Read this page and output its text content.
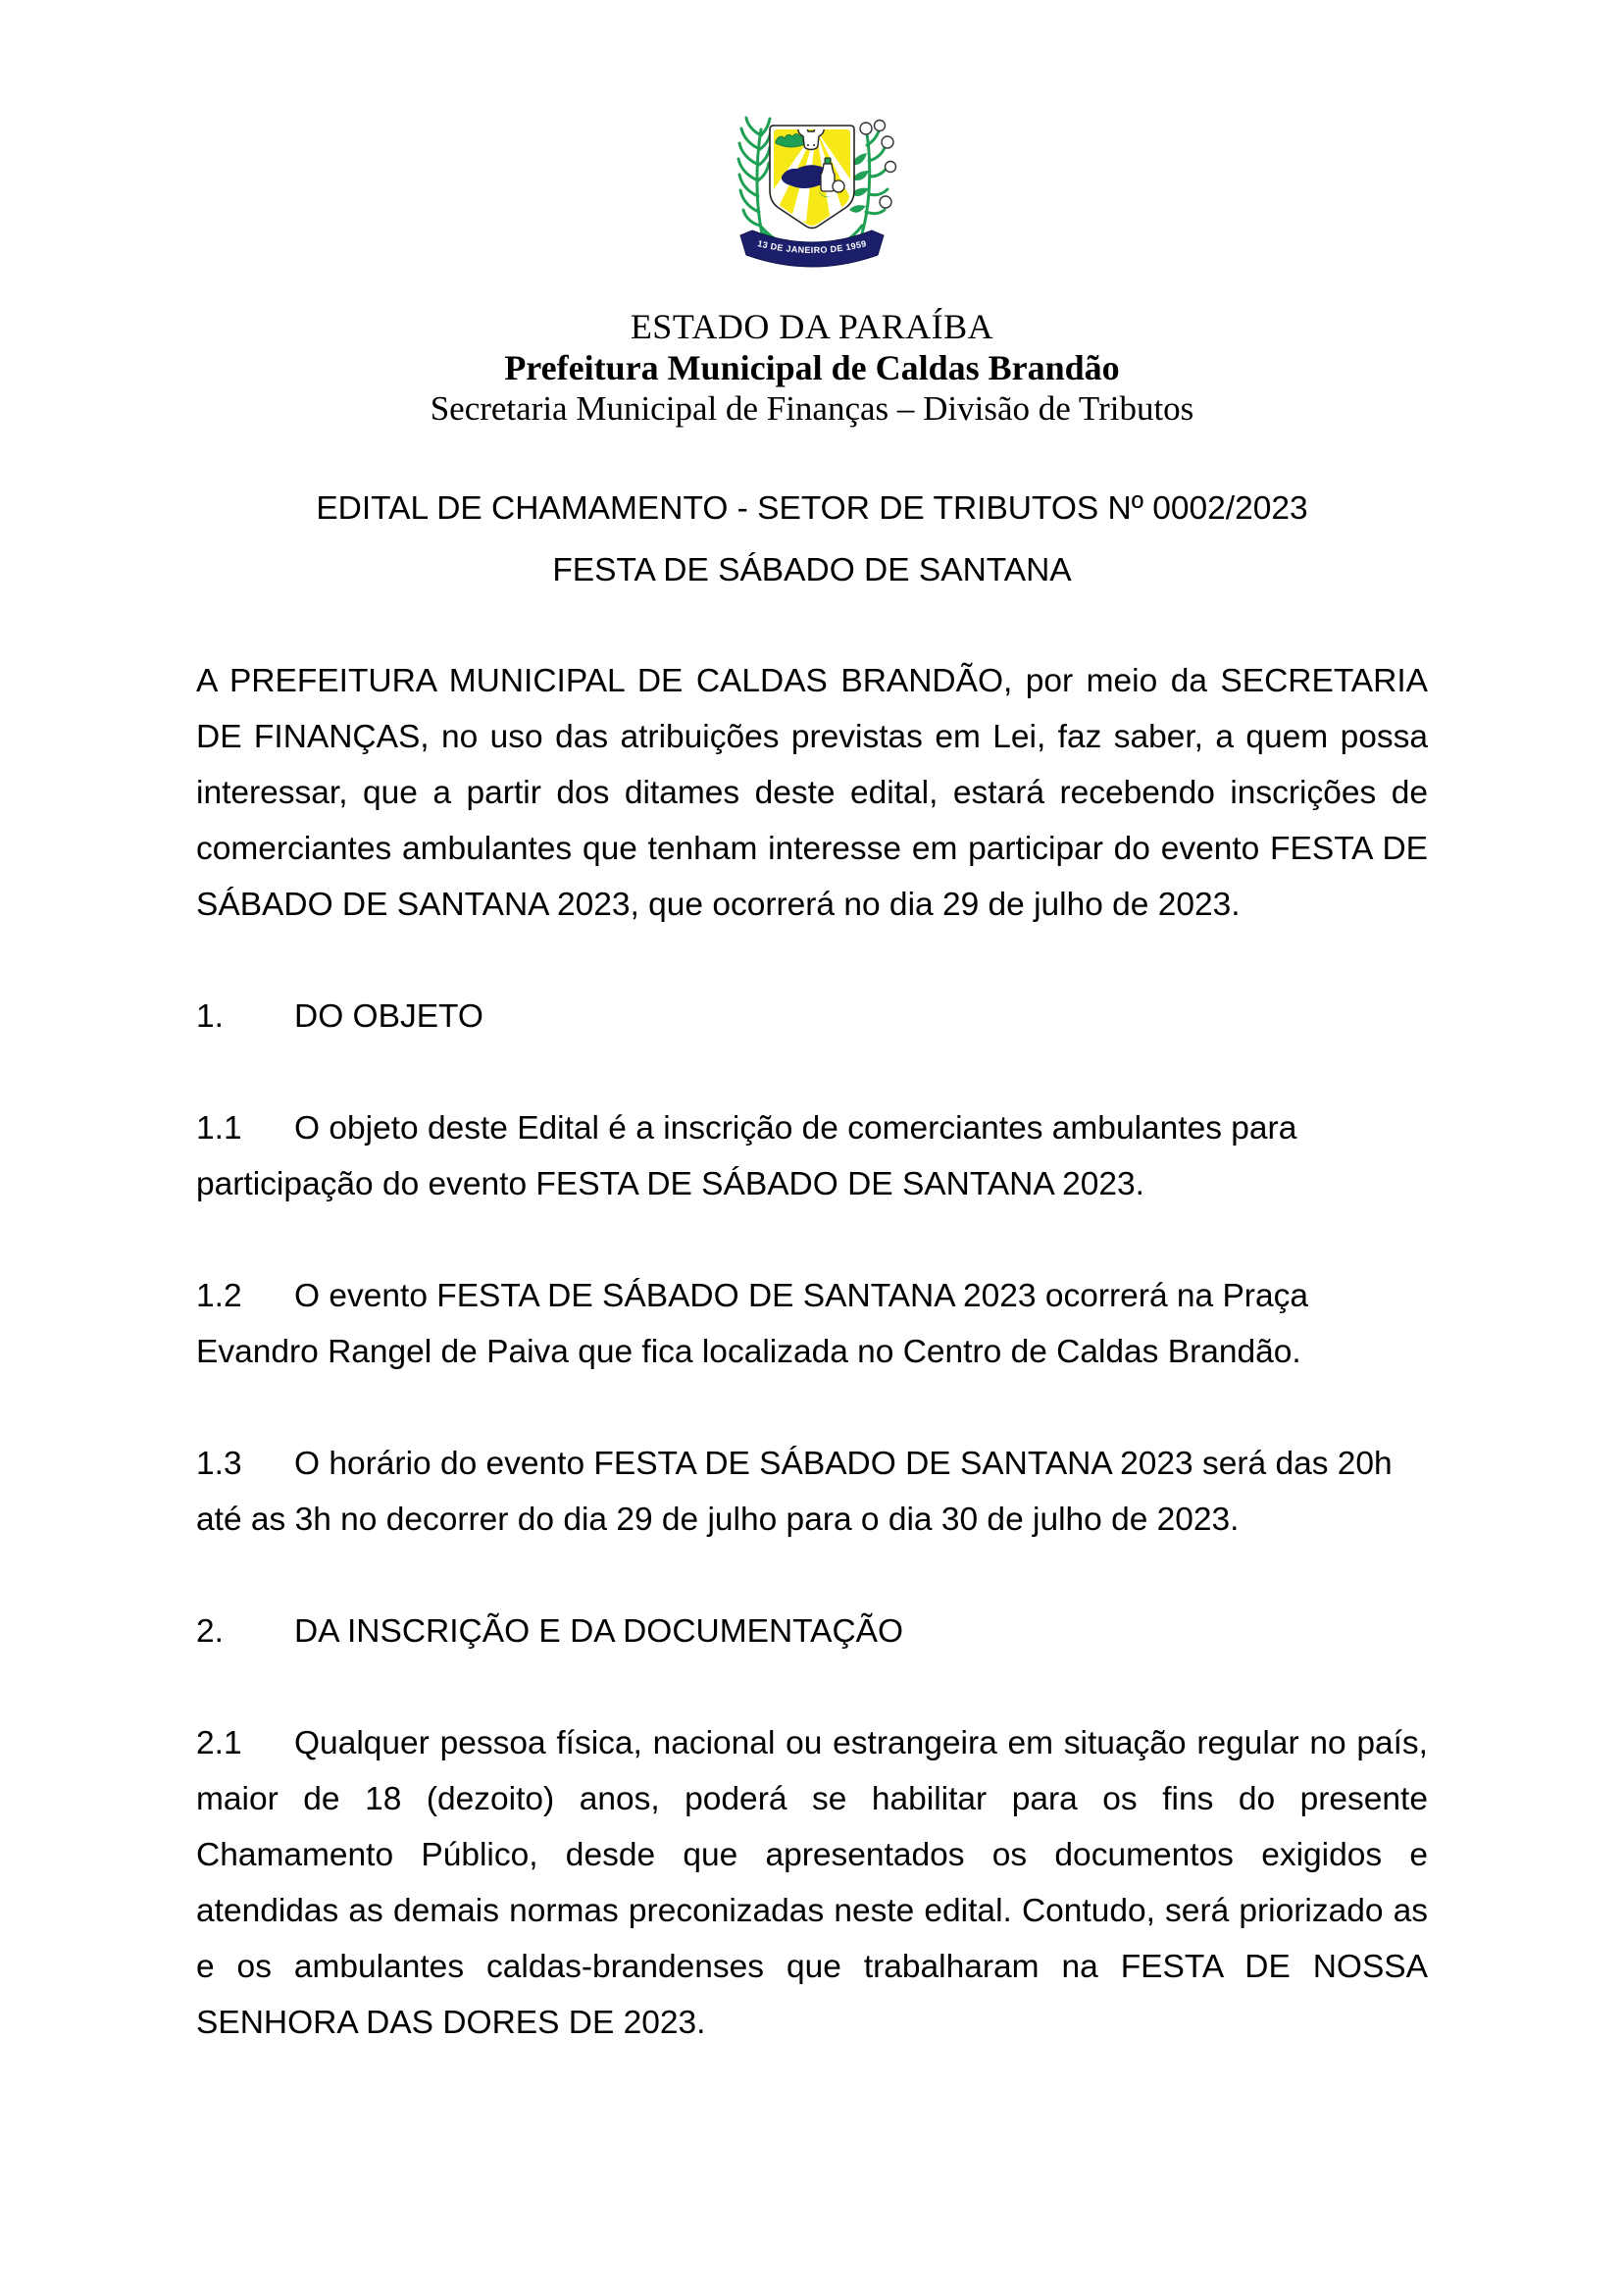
13 DE JANEIRO DE 1959
ESTADO DA PARAÍBA
Prefeitura Municipal de Caldas Brandão
Secretaria Municipal de Finanças – Divisão de Tributos
EDITAL DE CHAMAMENTO - SETOR DE TRIBUTOS Nº 0002/2023
FESTA DE SÁBADO DE SANTANA

A PREFEITURA MUNICIPAL DE CALDAS BRANDÃO, por meio da SECRETARIA DE FINANÇAS, no uso das atribuições previstas em Lei, faz saber, a quem possa interessar, que a partir dos ditames deste edital, estará recebendo inscrições de comerciantes ambulantes que tenham interesse em participar do evento FESTA DE SÁBADO DE SANTANA 2023, que ocorrerá no dia 29 de julho de 2023.

1. DO OBJETO

1.1 O objeto deste Edital é a inscrição de comerciantes ambulantes para participação do evento FESTA DE SÁBADO DE SANTANA 2023.

1.2 O evento FESTA DE SÁBADO DE SANTANA 2023 ocorrerá na Praça Evandro Rangel de Paiva que fica localizada no Centro de Caldas Brandão.

1.3 O horário do evento FESTA DE SÁBADO DE SANTANA 2023 será das 20h até as 3h no decorrer do dia 29 de julho para o dia 30 de julho de 2023.

2. DA INSCRIÇÃO E DA DOCUMENTAÇÃO

2.1 Qualquer pessoa física, nacional ou estrangeira em situação regular no país, maior de 18 (dezoito) anos, poderá se habilitar para os fins do presente Chamamento Público, desde que apresentados os documentos exigidos e atendidas as demais normas preconizadas neste edital. Contudo, será priorizado as e os ambulantes caldas-brandenses que trabalharam na FESTA DE NOSSA SENHORA DAS DORES DE 2023.
